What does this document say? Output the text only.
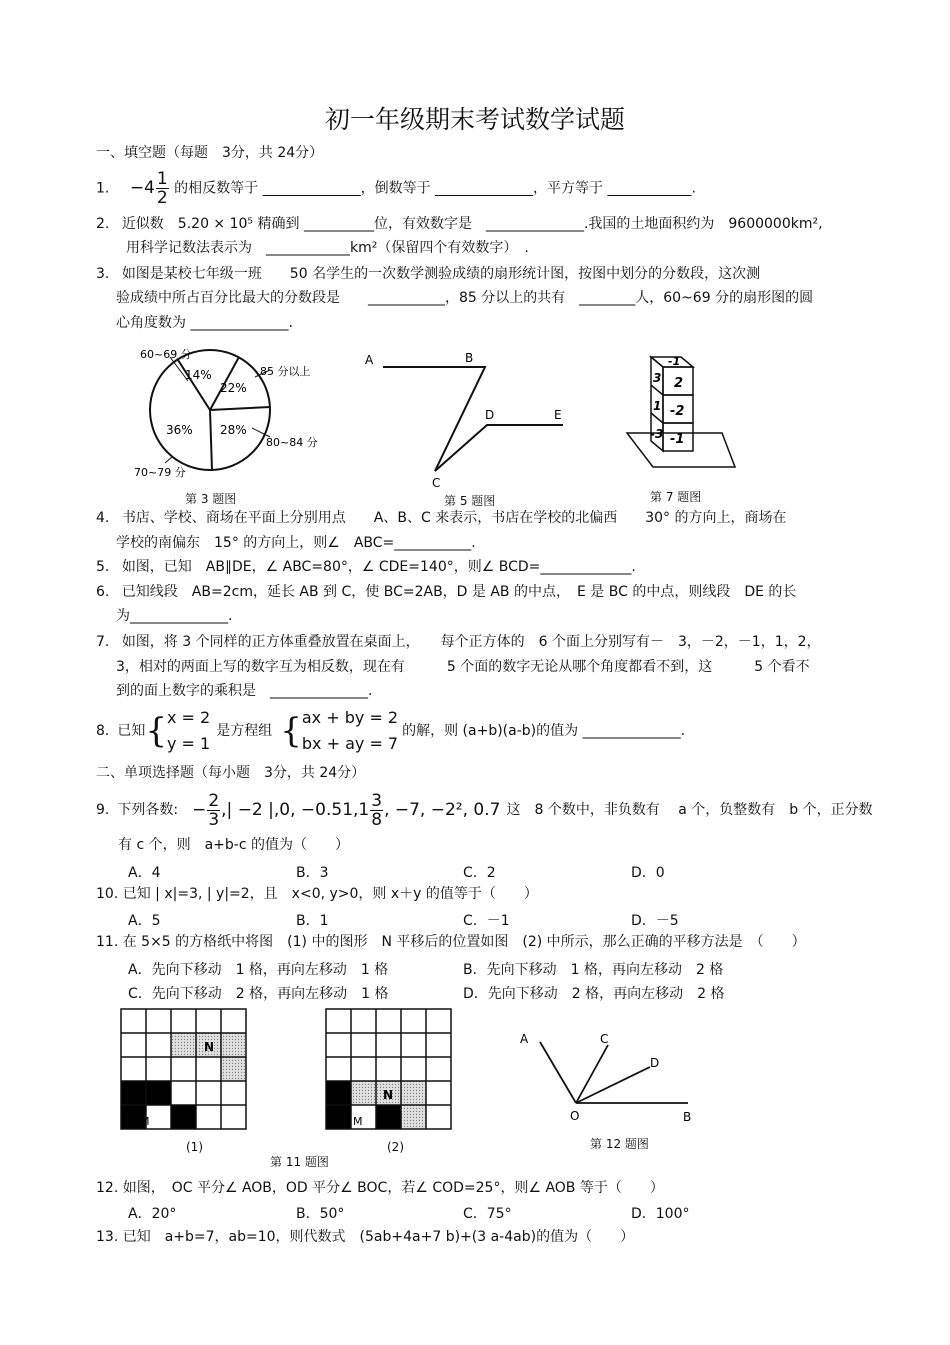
初一年级期末考试数学试题
一、填空题（每题　3分，共 24分）
1. $-4 \frac{1}{2}$ 的相反数等于 ______________，倒数等于 ______________，平方等于 ____________.
2. 近似数　5.20 × 10⁵ 精确到 __________位，有效数字是　______________.我国的土地面积约为　9600000km²,
用科学记数法表示为　____________km²（保留四个有效数字）　.
3. 如图是某校七年级一班　　50 名学生的一次数学测验成绩的扇形统计图，按图中划分的分数段，这次测
验成绩中所占百分比最大的分数段是　　___________，85 分以上的共有　________人，60~69 分的扇形图的圆
心角度数为 ______________.
60~69 分
85 分以上
80~84 分
70~79 分
14%
22%
36% 28%
第 3 题图
A	B
C
D	E
第 5 题图
-1
3 2
1 -2
-3 -1
第 7 题图
4. 书店、学校、商场在平面上分别用点　　A、B、C 来表示，书店在学校的北偏西　　30° 的方向上，商场在
学校的南偏东　15° 的方向上，则∠　ABC=___________.
5. 如图，已知　AB∥DE，∠ ABC=80°，∠ CDE=140°，则∠ BCD=_____________.
6. 已知线段　AB=2cm，延长 AB 到 C，使 BC=2AB，D 是 AB 的中点，　E 是 BC 的中点，则线段　DE 的长
为______________.
7. 如图，将 3 个同样的正方体重叠放置在桌面上，　　每个正方体的　6 个面上分别写有－　3，－2，－1，1，2，
3，相对的两面上写的数字互为相反数，现在有　　　5 个面的数字无论从哪个角度都看不到，这　　　5 个看不
到的面上数字的乘积是　______________.
8. 已知 { x = 2
y = 1
是方程组 { ax + by = 2
bx + ay = 7
的解，则 (a+b)(a-b)的值为 ______________.
二、单项选择题（每小题　3分，共 24分）
9. 下列各数: − $\frac{2}{3}$ ,| −2 |,0, $-0.51,1 \frac{3}{8}$ , −7, −2², 0.7 这　8 个数中，非负数有　 a 个，负整数有　b 个，正分数
有 c 个，则　a+b-c 的值为（　　）
A．4	B．3	C．2	D．0
10. 已知 | x|=3, | y|=2，且　x<0, y>0，则 x＋y 的值等于（　　）
A．5	B．1	C．－1	D．－5
11. 在 5×5 的方格纸中将图　(1) 中的图形　N 平移后的位置如图　(2) 中所示，那么正确的平移方法是　（　　）
A．先向下移动　1 格，再向左移动　1 格	B．先向下移动　1 格，再向左移动　2 格
C．先向下移动　2 格，再向左移动　1 格	D．先向下移动　2 格，再向左移动　2 格
N
M
N
M
(1)	(2)
第 11 题图
A	C
D
O	B
第 12 题图
12. 如图，　OC 平分∠ AOB，OD 平分∠ BOC，若∠ COD=25°，则∠ AOB 等于（　　）
A．20°	B．50°	C．75°	D．100°
13. 已知　a+b=7，ab=10，则代数式　(5ab+4a+7 b)+(3 a-4ab)的值为（　　）
